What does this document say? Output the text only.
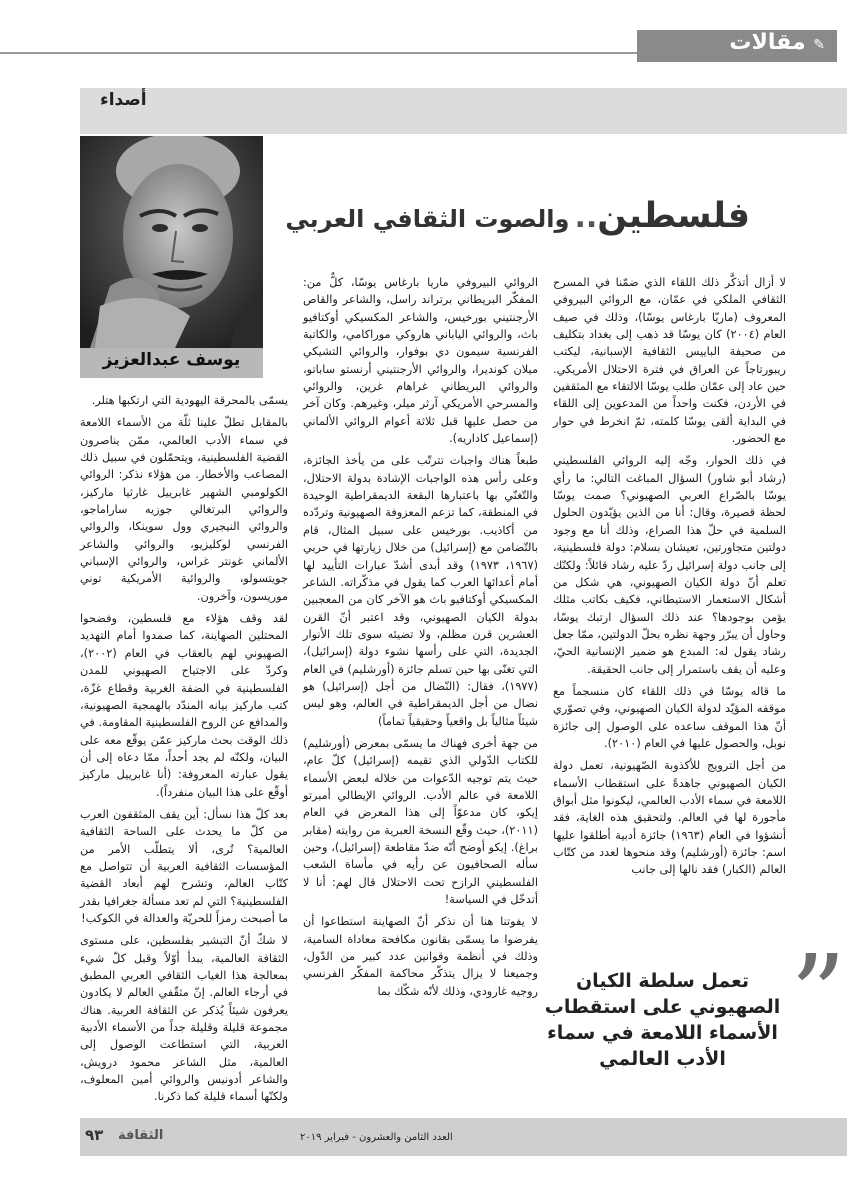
✎ مقالات
أصداء
يوسف عبدالعزيز
فلسطين.. والصوت الثقافي العربي

لا أزال أتذكَّر ذلك اللقاء الذي ضمّنا في المسرح الثقافي الملكي في عمّان، مع الروائي البيروفي المعروف (ماريّا بارغاس يوسّا)، وذلك في صيف العام (٢٠٠٤) كان يوسّا قد ذهب إلى بغداد بتكليف من صحيفة الباييس الثقافية الإسبانية، ليكتب ريبورتاجاً عن العراق في فترة الاحتلال الأمريكي. حين عاد إلى عمّان طلب يوسّا الالتقاء مع المثقفين في الأردن، فكنت واحداً من المدعوين إلى اللقاء في البداية ألقى يوسّا كلمته، ثمّ انخرط في حوار مع الحضور.

في ذلك الحوار، وجّه إليه الروائي الفلسطيني (رشاد أبو شاور) السؤال المباغت التالي: ما رأي يوسّا بالصّراع العربي الصهيوني؟ صمت يوسّا لحظة قصيرة، وقال: أنا من الذين يؤيّدون الحلول السلمية في حلّ هذا الصراع، وذلك أنا مع وجود دولتين متجاورتين، تعيشان بسلام: دولة فلسطينية، إلى جانب دولة إسرائيل ردّ عليه رشاد قائلاً: ولكنّك تعلم أنّ دولة الكيان الصهيوني، هي شكل من أشكال الاستعمار الاستيطاني، فكيف بكاتب مثلك يؤمن بوجودها؟ عند ذلك السؤال ارتبك يوسّا، وحاول أن يبرّر وجهة نظره بحلّ الدولتين، ممّا جعل رشاد يقول له: المبدع هو ضمير الإنسانية الحيّ، وعليه أن يقف باستمرار إلى جانب الحقيقة.

ما قاله يوسّا في ذلك اللقاء كان منسجماً مع موقفه المؤيّد لدولة الكيان الصهيوني، وفي تصوّري أنّ هذا الموقف ساعده على الوصول إلى جائزة نوبل، والحصول عليها في العام (٢٠١٠).

من أجل الترويج للأكذوبة الصّهيونية، تعمل دولة الكيان الصهيوني جاهدةً على استقطاب الأسماء اللامعة في سماء الأدب العالمي، ليكونوا مثل أبواق مأجورة لها في العالم. ولتحقيق هذه الغاية، فقد أنشؤوا في العام (١٩٦٣) جائزة أدبية أطلقوا عليها اسم: جائزة (أورشليم) وقد منحوها لعدد من كتّاب العالم (الكبار) فقد نالها إلى جانب

الروائي البيروفي ماريا بارغاس يوسّا، كلٌّ من: المفكّر البريطاني برتراند راسل، والشاعر والقاص الأرجنتيني بورخيس، والشاعر المكسيكي أوكتافيو باث، والروائي الياباني هاروكي موراكامي، والكاتبة الفرنسية سيمون دي بوفوار، والروائي التشيكي ميلان كونديرا، والروائي الأرجنتيني أرنستو ساباتو، والروائي البريطاني غراهام غرين، والروائي والمسرحي الأمريكي آرثر ميلر، وغيرهم. وكان آخر من حصل عليها قبل ثلاثة أعوام الروائي الألماني (إسماعيل كاداريه).

طبعاً هناك واجبات تترتّب على من يأخذ الجائزة، وعلى رأس هذه الواجبات الإشادة بدولة الاحتلال، والتّغنّي بها باعتبارها البقعة الديمقراطية الوحيدة في المنطقة، كما تزعم المعزوفة الصهيونية وتردّده من أكاذيب. بورخيس على سبيل المثال، قام بالتّضامن مع (إسرائيل) من خلال زيارتها في حربي (١٩٦٧، ١٩٧٣) وقد أبدى أشدّ عبارات التأييد لها أمام أعدائها العرب كما يقول في مذكّراته. الشاعر المكسيكي أوكتافيو باث هو الآخر كان من المعجبين بدولة الكيان الصهيوني، وقد اعتبر أنّ القرن العشرين قرن مظلم، ولا تضيئه سوى تلك الأنوار الجديدة، التي على رأسها نشوء دولة (إسرائيل)، التي تغنّى بها حين تسلم جائزة (أورشليم) في العام (١٩٧٧)، فقال: (النّضال من أجل (إسرائيل) هو نضال من أجل الديمقراطية في العالم، وهو ليس شيئاً مثالياً بل واقعياً وحقيقياً تماماً)

من جهة أخرى فهناك ما يسمّى بمعرض (أورشليم) للكتاب الدّولي الذي تقيمه (إسرائيل) كلّ عام، حيث يتم توجيه الدّعوات من خلاله لبعض الأسماء اللامعة في عالم الأدب. الروائي الإيطالي أمبرتو إيكو، كان مدعوّاً إلى هذا المعرض في العام (٢٠١١)، حيث وقّع النسخة العبرية من روايته (مقابر براغ). إيكو أوضح أنّه ضدّ مقاطعة (إسرائيل)، وحين سأله الصحافيون عن رأيه في مأساة الشعب الفلسطيني الرازح تحت الاحتلال قال لهم: أنا لا أتدخّل في السياسة!

لا يفوتنا هنا أن نذكر أنّ الصهاينة استطاعوا أن يفرضوا ما يسمّى بقانون مكافحة معاداة السامية، وذلك في أنظمة وقوانين عدد كبير من الدّول، وجميعنا لا يزال يتذكّر محاكمة المفكّر الفرنسي روجيه غارودي، وذلك لأنّه شكّك بما

يسمّى بالمحرقة اليهودية التي ارتكبها هتلر.

بالمقابل تطلّ علينا ثلّة من الأسماء اللامعة في سماء الأدب العالمي، ممّن يناصرون القضية الفلسطينية، ويتحمّلون في سبيل ذلك المصاعب والأخطار. من هؤلاء نذكر: الروائي الكولومبي الشهير غابرييل غارثيا ماركيز، والروائي البرتغالي جوزيه ساراماجو، والروائي النيجيري وول سوينكا، والروائي الفرنسي لوكليزيو، والروائي والشاعر الألماني غونتر غراس، والروائي الإسباني جويتسولو، والروائية الأمريكية توني موريسون، وآخرون.

لقد وقف هؤلاء مع فلسطين، وفضحوا المحتلين الصهاينة، كما صمدوا أمام التهديد الصهيوني لهم بالعقاب في العام (٢٠٠٢)، وكردّ على الاجتياح الصهيوني للمدن الفلسطينية في الضفة الغربية وقطاع غزّة، كتب ماركيز بيانه المندّد بالهمجية الصهيونية، والمدافع عن الروح الفلسطينية المقاومة. في ذلك الوقت بحث ماركيز عمّن يوقّع معه على البيان، ولكنّه لم يجد أحداً، ممّا دعاه إلى أن يقول عبارته المعروفة: (أنا غابرييل ماركيز أوقّع على هذا البيان منفرداً).

بعد كلّ هذا نسأل: أين يقف المثقفون العرب من كلّ ما يحدث على الساحة الثقافية العالمية؟ تُرى، ألا يتطلّب الأمر من المؤسسات الثقافية العربية أن تتواصل مع كتّاب العالم، وتشرح لهم أبعاد القضية الفلسطينية؟ التي لم تعد مسألة جغرافيا بقدر ما أصبحت رمزاً للحريّة والعدالة في الكوكب!

لا شكّ أنّ التبشير بفلسطين، على مستوى الثقافة العالمية، يبدأ أوّلاً وقبل كلّ شيء بمعالجة هذا الغياب الثقافي العربي المطبق في أرجاء العالم. إنّ مثقّفي العالم لا يكادون يعرفون شيئاً يُذكر عن الثقافة العربية. هناك مجموعة قليلة وقليلة جداً من الأسماء الأدبية العربية، التي استطاعت الوصول إلى العالمية، مثل الشاعر محمود درويش، والشاعر أدونيس والروائي أمين المعلوف، ولكنّها أسماء قليلة كما ذكرنا.

”
تعمل سلطة الكيان الصهيوني على استقطاب الأسماء اللامعة في سماء الأدب العالمي
٩٣ الثقافة	العدد الثامن والعشرون - فبراير ٢٠١٩
